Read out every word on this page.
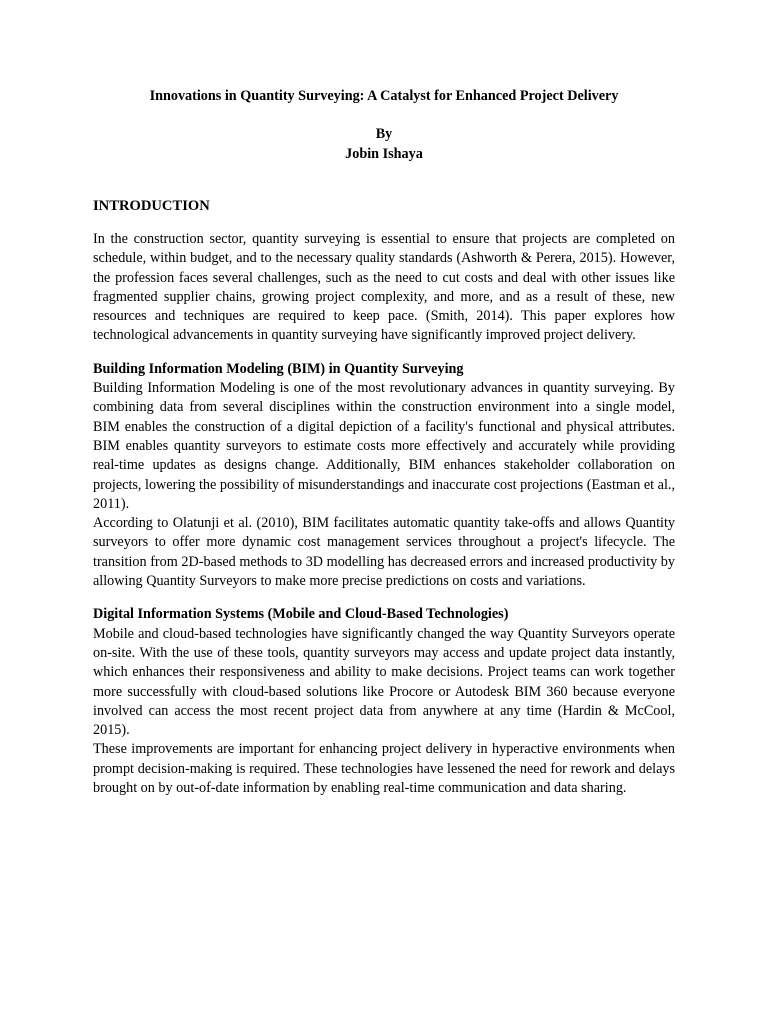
Innovations in Quantity Surveying: A Catalyst for Enhanced Project Delivery
By
Jobin Ishaya
INTRODUCTION

In the construction sector, quantity surveying is essential to ensure that projects are completed on schedule, within budget, and to the necessary quality standards (Ashworth & Perera, 2015). However, the profession faces several challenges, such as the need to cut costs and deal with other issues like fragmented supplier chains, growing project complexity, and more, and as a result of these, new resources and techniques are required to keep pace. (Smith, 2014). This paper explores how technological advancements in quantity surveying have significantly improved project delivery.

Building Information Modeling (BIM) in Quantity Surveying

Building Information Modeling is one of the most revolutionary advances in quantity surveying. By combining data from several disciplines within the construction environment into a single model, BIM enables the construction of a digital depiction of a facility's functional and physical attributes. BIM enables quantity surveyors to estimate costs more effectively and accurately while providing real-time updates as designs change. Additionally, BIM enhances stakeholder collaboration on projects, lowering the possibility of misunderstandings and inaccurate cost projections (Eastman et al., 2011).

According to Olatunji et al. (2010), BIM facilitates automatic quantity take-offs and allows Quantity surveyors to offer more dynamic cost management services throughout a project's lifecycle. The transition from 2D-based methods to 3D modelling has decreased errors and increased productivity by allowing Quantity Surveyors to make more precise predictions on costs and variations.

Digital Information Systems (Mobile and Cloud-Based Technologies)

Mobile and cloud-based technologies have significantly changed the way Quantity Surveyors operate on-site. With the use of these tools, quantity surveyors may access and update project data instantly, which enhances their responsiveness and ability to make decisions. Project teams can work together more successfully with cloud-based solutions like Procore or Autodesk BIM 360 because everyone involved can access the most recent project data from anywhere at any time (Hardin & McCool, 2015).

These improvements are important for enhancing project delivery in hyperactive environments when prompt decision-making is required. These technologies have lessened the need for rework and delays brought on by out-of-date information by enabling real-time communication and data sharing.
